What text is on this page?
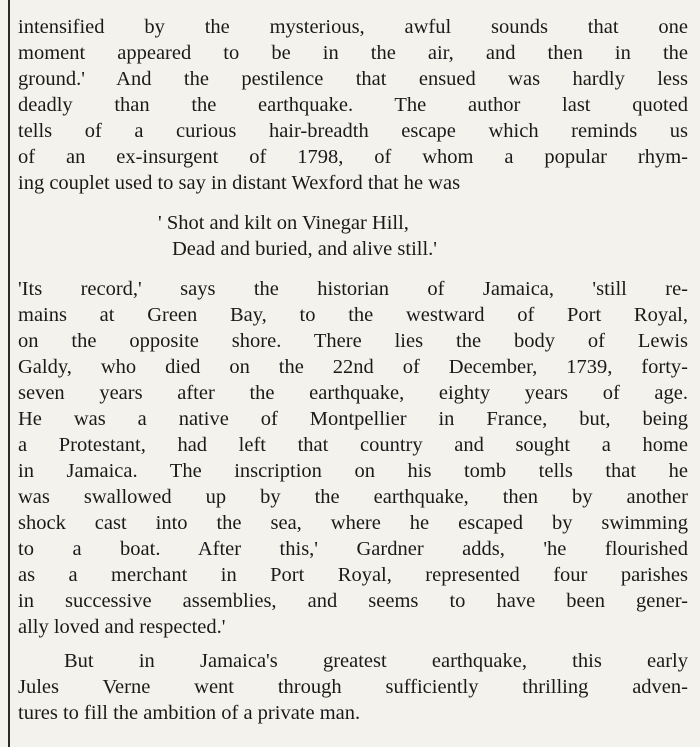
intensified by the mysterious, awful sounds that one
moment appeared to be in the air, and then in the
ground.' And the pestilence that ensued was hardly less
deadly than the earthquake. The author last quoted
tells of a curious hair-breadth escape which reminds us
of an ex-insurgent of 1798, of whom a popular rhym-
ing couplet used to say in distant Wexford that he was
' Shot and kilt on Vinegar Hill,
Dead and buried, and alive still.'
'Its record,' says the historian of Jamaica, 'still re-
mains at Green Bay, to the westward of Port Royal,
on the opposite shore. There lies the body of Lewis
Galdy, who died on the 22nd of December, 1739, forty-
seven years after the earthquake, eighty years of age.
He was a native of Montpellier in France, but, being
a Protestant, had left that country and sought a home
in Jamaica. The inscription on his tomb tells that he
was swallowed up by the earthquake, then by another
shock cast into the sea, where he escaped by swimming
to a boat. After this,' Gardner adds, 'he flourished
as a merchant in Port Royal, represented four parishes
in successive assemblies, and seems to have been gener-
ally loved and respected.'
But in Jamaica's greatest earthquake, this early
Jules Verne went through sufficiently thrilling adven-
tures to fill the ambition of a private man.
